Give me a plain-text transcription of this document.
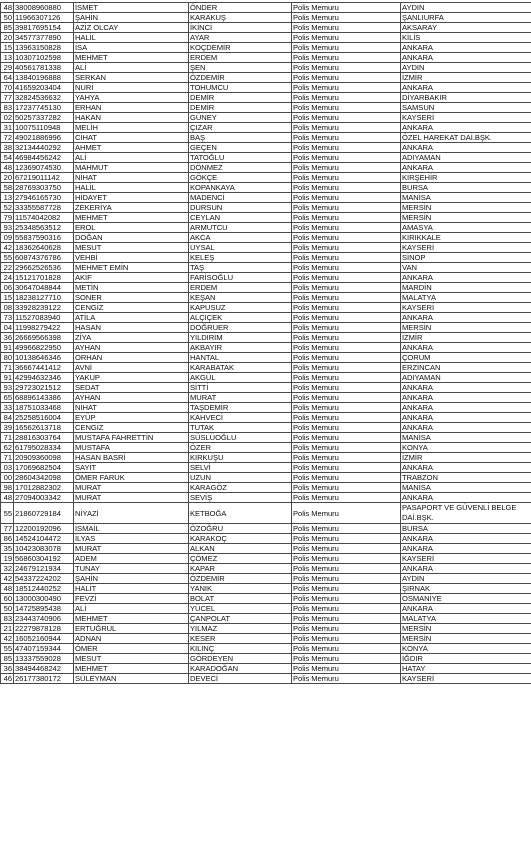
48	38008960880	İSMET	ÖNDER	Polis Memuru	AYDIN
50	11966307126	ŞAHİN	KARAKUŞ	Polis Memuru	ŞANLIURFA
85	39817695154	AZİZ OLCAY	İKİNCİ	Polis Memuru	AKSARAY
20	34577377890	HALİL	AYAR	Polis Memuru	KİLİS
15	13963150828	İSA	KOÇDEMİR	Polis Memuru	ANKARA
13	10307102598	MEHMET	ERDEM	Polis Memuru	ANKARA
29	40561781338	ALİ	ŞEN	Polis Memuru	AYDIN
64	13840196888	SERKAN	ÖZDEMİR	Polis Memuru	İZMİR
70	41659203404	NURİ	TOHUMCU	Polis Memuru	ANKARA
77	32824536632	YAHYA	DEMİR	Polis Memuru	DİYARBAKIR
83	17237745130	ERHAN	DEMİR	Polis Memuru	SAMSUN
02	50257337282	HAKAN	GÜNEY	Polis Memuru	KAYSERİ
31	10075110948	MELİH	ÇIZAR	Polis Memuru	ANKARA
72	49021886996	CİHAT	BAŞ	Polis Memuru	ÖZEL HAREKAT DAİ.BŞK.
38	32134440292	AHMET	GEÇEN	Polis Memuru	ANKARA
54	46984456242	ALİ	TATOĞLU	Polis Memuru	ADIYAMAN
48	12369074530	MAHMUT	DÖNMEZ	Polis Memuru	ANKARA
20	67219011142	NİHAT	GÖKÇE	Polis Memuru	KIRŞEHİR
58	28769303750	HALİL	KOPANKAYA	Polis Memuru	BURSA
13	27946165730	HİDAYET	MADENCİ	Polis Memuru	MANİSA
52	33355587728	ZEKERİYA	DURSUN	Polis Memuru	MERSİN
79	11574042082	MEHMET	CEYLAN	Polis Memuru	MERSİN
93	25348563512	EROL	ARMUTCU	Polis Memuru	AMASYA
09	55837590316	DOĞAN	AKCA	Polis Memuru	KIRIKKALE
42	18362640628	MESUT	UYSAL	Polis Memuru	KAYSERİ
55	60874376786	VEHBİ	KELEŞ	Polis Memuru	SİNOP
22	29662526536	MEHMET EMİN	TAŞ	Polis Memuru	VAN
24	15121701828	AKİF	FARİSOĞLU	Polis Memuru	ANKARA
06	30647048844	METİN	ERDEM	Polis Memuru	MARDİN
15	18238127710	SONER	KEŞAN	Polis Memuru	MALATYA
08	33928239122	CENGİZ	KAPUSUZ	Polis Memuru	KAYSERİ
73	11527083940	ATİLA	ALÇIÇEK	Polis Memuru	ANKARA
04	11998279422	HASAN	DOĞRUER	Polis Memuru	MERSİN
36	26669566398	ZİYA	YILDIRIM	Polis Memuru	İZMİR
91	49966822950	AYHAN	AKBAYIR	Polis Memuru	ANKARA
80	10138646346	ORHAN	HANTAL	Polis Memuru	ÇORUM
71	36667441412	AVNİ	KARABATAK	Polis Memuru	ERZİNCAN
91	42994632346	YAKUP	AKGÜL	Polis Memuru	ADIYAMAN
93	29723021512	SEDAT	SİTTİ	Polis Memuru	ANKARA
65	68896143386	AYHAN	MURAT	Polis Memuru	ANKARA
33	18751033468	NİHAT	TAŞDEMİR	Polis Memuru	ANKARA
84	25258516004	EYÜP	KAHVECİ	Polis Memuru	ANKARA
39	16562613718	CENGİZ	TUTAK	Polis Memuru	ANKARA
71	28816303764	MUSTAFA FAHRETTİN	SÜSLÜOĞLU	Polis Memuru	MANİSA
62	61795028334	MUSTAFA	ÖZER	Polis Memuru	KONYA
71	20909360098	HASAN BASRİ	KIRKUŞU	Polis Memuru	İZMİR
03	17069682504	SAYİT	SELVİ	Polis Memuru	ANKARA
00	28604342098	ÖMER FARUK	UZUN	Polis Memuru	TRABZON
98	17012882302	MURAT	KARAGÖZ	Polis Memuru	MANİSA
48	27094003342	MURAT	SEVİŞ	Polis Memuru	ANKARA
55	21860729184	NİYAZİ	KETBOĞA	Polis Memuru	PASAPORT VE GÜVENLİ BELGE DAİ.BŞK.
77	12200192096	İSMAİL	ÖZOĞRU	Polis Memuru	BURSA
86	14524104472	İLYAS	KARAKOÇ	Polis Memuru	ANKARA
35	10423083078	MURAT	ALKAN	Polis Memuru	ANKARA
19	56860304192	ADEM	ÇÖMEZ	Polis Memuru	KAYSERİ
32	24679121934	TUNAY	KAPAR	Polis Memuru	ANKARA
42	54337224202	ŞAHİN	ÖZDEMİR	Polis Memuru	AYDIN
48	18512440252	HALİT	YANIK	Polis Memuru	ŞIRNAK
60	13000300490	FEVZİ	BOLAT	Polis Memuru	OSMANİYE
50	14725895438	ALİ	YÜCEL	Polis Memuru	ANKARA
83	23443740906	MEHMET	ÇANPOLAT	Polis Memuru	MALATYA
21	22279878128	ERTUĞRUL	YILMAZ	Polis Memuru	MERSİN
42	16052160944	ADNAN	KESER	Polis Memuru	MERSİN
55	47407159344	ÖMER	KILINÇ	Polis Memuru	KONYA
85	13337559028	MESUT	GÖRDEYEN	Polis Memuru	IĞDIR
36	38494468242	MEHMET	KARADOĞAN	Polis Memuru	HATAY
46	26177380172	SÜLEYMAN	DEVECİ	Polis Memuru	KAYSERİ
